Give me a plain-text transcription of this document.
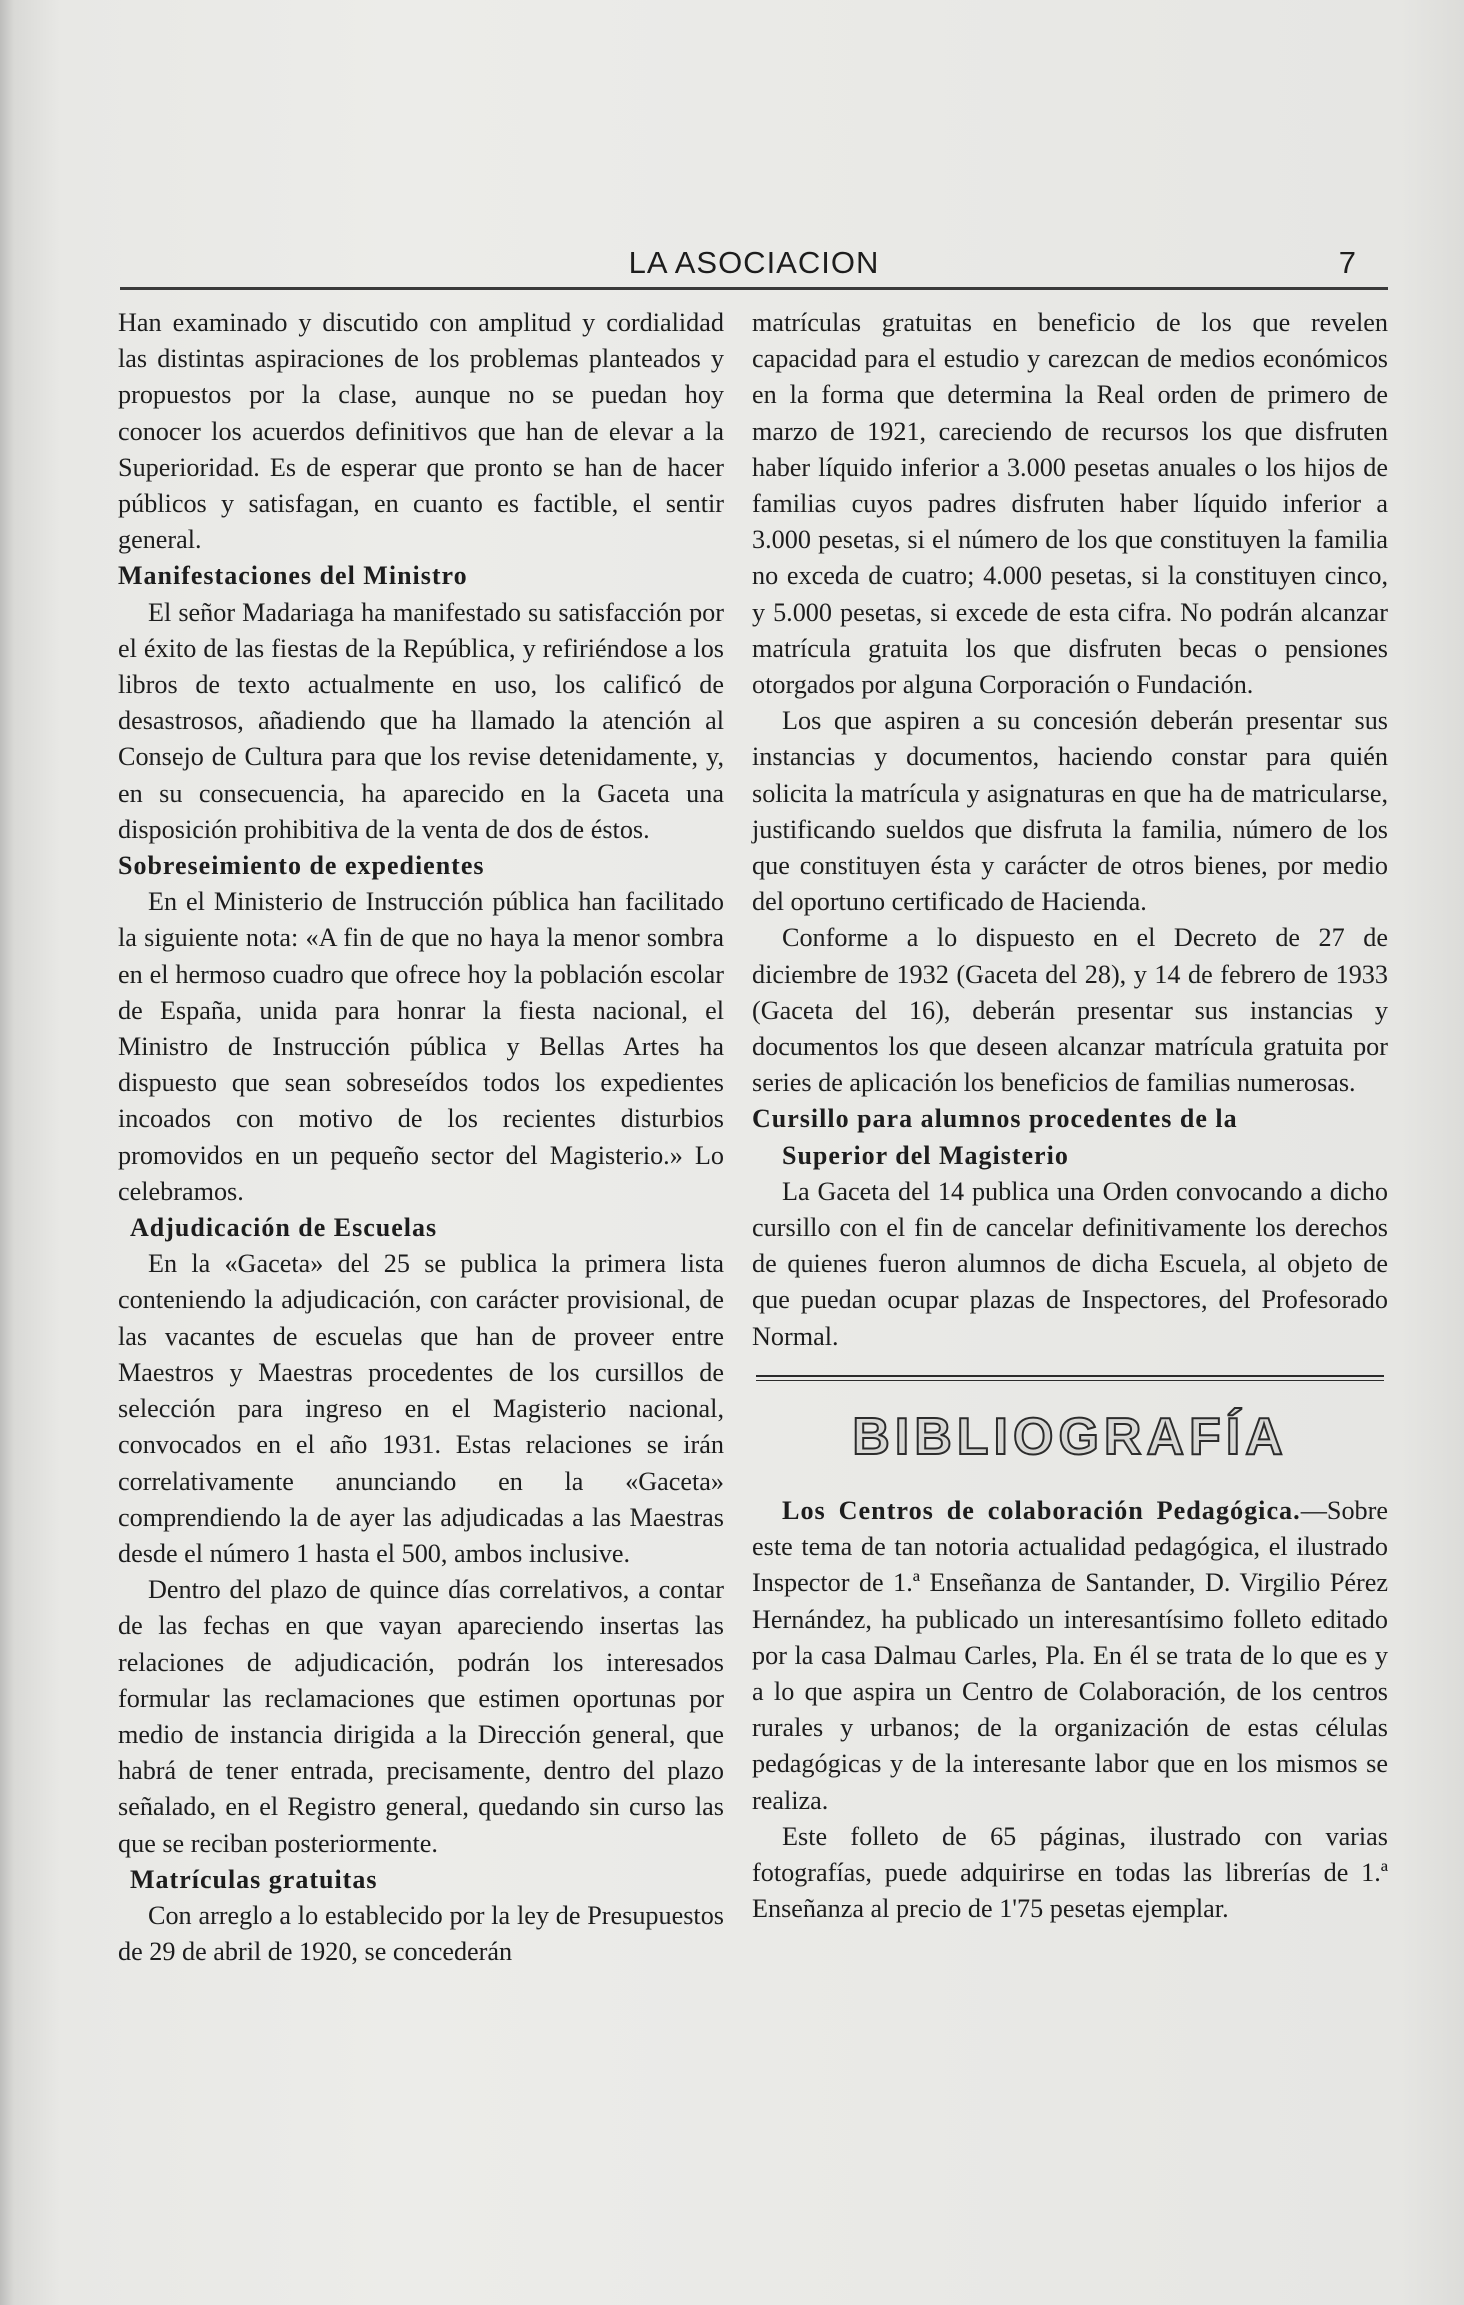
LA ASOCIACION	7

Han examinado y discutido con amplitud y cordialidad las distintas aspiraciones de los problemas planteados y propuestos por la clase, aunque no se puedan hoy conocer los acuerdos definitivos que han de elevar a la Superioridad. Es de esperar que pronto se han de hacer públicos y satisfagan, en cuanto es factible, el sentir general.

Manifestaciones del Ministro

El señor Madariaga ha manifestado su satisfacción por el éxito de las fiestas de la República, y refiriéndose a los libros de texto actualmente en uso, los calificó de desastrosos, añadiendo que ha llamado la atención al Consejo de Cultura para que los revise detenidamente, y, en su consecuencia, ha aparecido en la Gaceta una disposición prohibitiva de la venta de dos de éstos.

Sobreseimiento de expedientes

En el Ministerio de Instrucción pública han facilitado la siguiente nota: «A fin de que no haya la menor sombra en el hermoso cuadro que ofrece hoy la población escolar de España, unida para honrar la fiesta nacional, el Ministro de Instrucción pública y Bellas Artes ha dispuesto que sean sobreseídos todos los expedientes incoados con motivo de los recientes disturbios promovidos en un pequeño sector del Magisterio.» Lo celebramos.

Adjudicación de Escuelas

En la «Gaceta» del 25 se publica la primera lista conteniendo la adjudicación, con carácter provisional, de las vacantes de escuelas que han de proveer entre Maestros y Maestras procedentes de los cursillos de selección para ingreso en el Magisterio nacional, convocados en el año 1931. Estas relaciones se irán correlativamente anunciando en la «Gaceta» comprendiendo la de ayer las adjudicadas a las Maestras desde el número 1 hasta el 500, ambos inclusive.

Dentro del plazo de quince días correlativos, a contar de las fechas en que vayan apareciendo insertas las relaciones de adjudicación, podrán los interesados formular las reclamaciones que estimen oportunas por medio de instancia dirigida a la Dirección general, que habrá de tener entrada, precisamente, dentro del plazo señalado, en el Registro general, quedando sin curso las que se reciban posteriormente.

Matrículas gratuitas

Con arreglo a lo establecido por la ley de Presupuestos de 29 de abril de 1920, se concederán

matrículas gratuitas en beneficio de los que revelen capacidad para el estudio y carezcan de medios económicos en la forma que determina la Real orden de primero de marzo de 1921, careciendo de recursos los que disfruten haber líquido inferior a 3.000 pesetas anuales o los hijos de familias cuyos padres disfruten haber líquido inferior a 3.000 pesetas, si el número de los que constituyen la familia no exceda de cuatro; 4.000 pesetas, si la constituyen cinco, y 5.000 pesetas, si excede de esta cifra. No podrán alcanzar matrícula gratuita los que disfruten becas o pensiones otorgados por alguna Corporación o Fundación.

Los que aspiren a su concesión deberán presentar sus instancias y documentos, haciendo constar para quién solicita la matrícula y asignaturas en que ha de matricularse, justificando sueldos que disfruta la familia, número de los que constituyen ésta y carácter de otros bienes, por medio del oportuno certificado de Hacienda.

Conforme a lo dispuesto en el Decreto de 27 de diciembre de 1932 (Gaceta del 28), y 14 de febrero de 1933 (Gaceta del 16), deberán presentar sus instancias y documentos los que deseen alcanzar matrícula gratuita por series de aplicación los beneficios de familias numerosas.

Cursillo para alumnos procedentes de la
Superior del Magisterio

La Gaceta del 14 publica una Orden convocando a dicho cursillo con el fin de cancelar definitivamente los derechos de quienes fueron alumnos de dicha Escuela, al objeto de que puedan ocupar plazas de Inspectores, del Profesorado Normal.

BIBLIOGRAFÍA

Los Centros de colaboración Pedagógica.—Sobre este tema de tan notoria actualidad pedagógica, el ilustrado Inspector de 1.ª Enseñanza de Santander, D. Virgilio Pérez Hernández, ha publicado un interesantísimo folleto editado por la casa Dalmau Carles, Pla. En él se trata de lo que es y a lo que aspira un Centro de Colaboración, de los centros rurales y urbanos; de la organización de estas células pedagógicas y de la interesante labor que en los mismos se realiza.

Este folleto de 65 páginas, ilustrado con varias fotografías, puede adquirirse en todas las librerías de 1.ª Enseñanza al precio de 1'75 pesetas ejemplar.
